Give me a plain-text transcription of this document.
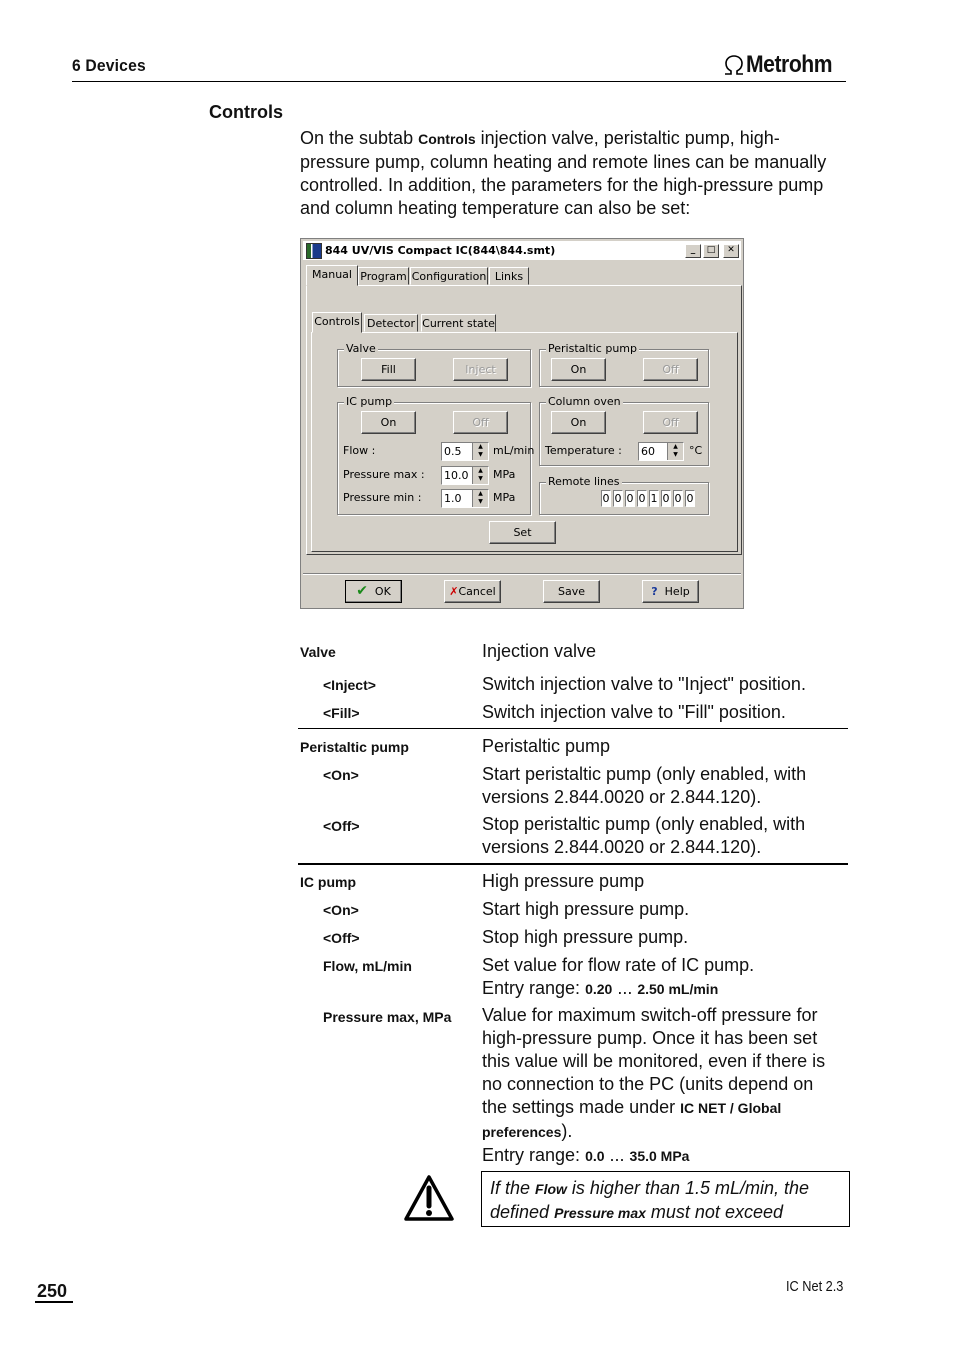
6 Devices	Metrohm
Controls
On the subtab Controls injection valve, peristaltic pump, high-pressure pump, column heating and remote lines can be manually controlled. In addition, the parameters for the high-pressure pump and column heating temperature can also be set:
844 UV/VIS Compact IC(844\844.smt)	_	□	✕
Manual Program Configuration Links
Controls Detector Current state
Valve
Fill	Inject
Peristaltic pump
On	Off
IC pump
On	Off
Flow :	0.5	▲
▼ mL/min
Pressure max : 10.0	▲
▼ MPa
Pressure min : 1.0	▲
▼ MPa
Column oven
On	Off
Temperature : 60	▲
▼	°C
Remote lines
0 0 0 0 1 0 0 0
Set
✔ OK	✗Cancel	Save	? Help
Valve	Injection valve
<Inject>	Switch injection valve to "Inject" position.
<Fill>	Switch injection valve to "Fill" position.
Peristaltic pump	Peristaltic pump
<On>	Start peristaltic pump (only enabled, with versions 2.844.0020 or 2.844.120).
<Off>	Stop peristaltic pump (only enabled, with versions 2.844.0020 or 2.844.120).
IC pump	High pressure pump
<On>	Start high pressure pump.
<Off>	Stop high pressure pump.
Flow, mL/min	Set value for flow rate of IC pump.
Entry range: 0.20 ... 2.50 mL/min
Pressure max, MPa Value for maximum switch-off pressure for high-pressure pump. Once it has been set this value will be monitored, even if there is no connection to the PC (units depend on the settings made under IC NET / Global preferences).
Entry range: 0.0 ... 35.0 MPa
If the Flow is higher than 1.5 mL/min, the defined Pressure max must not exceed
250	IC Net 2.3
